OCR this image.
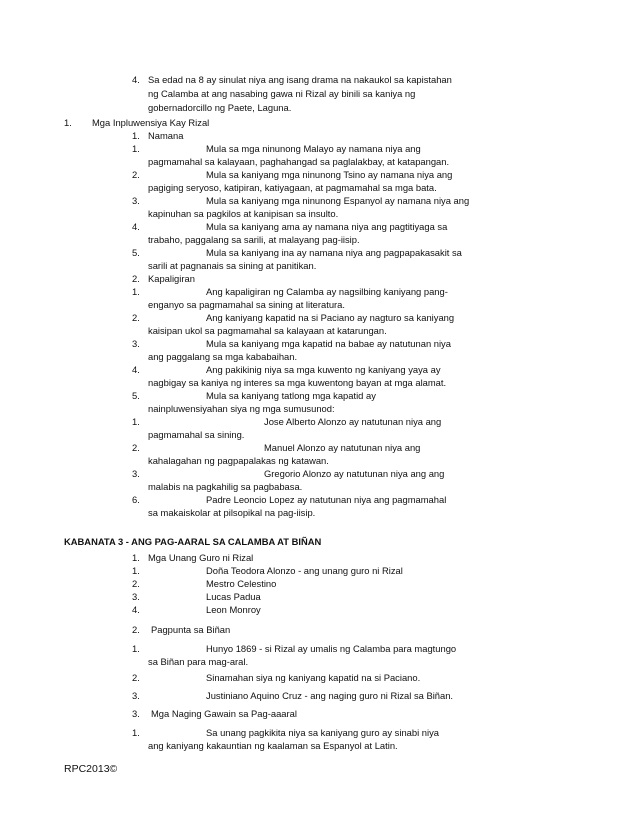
4. Sa edad na 8 ay sinulat niya ang isang drama na nakaukol sa kapistahan
ng Calamba at ang nasabing gawa ni Rizal ay binili sa kaniya ng
gobernadorcillo ng Paete, Laguna.
1. Mga Inpluwensiya Kay Rizal
1. Namana
1.	Mula sa mga ninunong Malayo ay namana niya ang
pagmamahal sa kalayaan, paghahangad sa paglalakbay, at katapangan.
2.	Mula sa kaniyang mga ninunong Tsino ay namana niya ang
pagiging seryoso, katipiran, katiyagaan, at pagmamahal sa mga bata.
3.	Mula sa kaniyang mga ninunong Espanyol ay namana niya ang
kapinuhan sa pagkilos at kanipisan sa insulto.
4.	Mula sa kaniyang ama ay namana niya ang pagtitiyaga sa
trabaho, paggalang sa sarili, at malayang pag-iisip.
5.	Mula sa kaniyang ina ay namana niya ang pagpapakasakit sa
sarili at pagnanais sa sining at panitikan.
2. Kapaligiran
1.	Ang kapaligiran ng Calamba ay nagsilbing kaniyang pang-
enganyo sa pagmamahal sa sining at literatura.
2.	Ang kaniyang kapatid na si Paciano ay nagturo sa kaniyang
kaisipan ukol sa pagmamahal sa kalayaan at katarungan.
3.	Mula sa kaniyang mga kapatid na babae ay natutunan niya
ang paggalang sa mga kababaihan.
4.	Ang pakikinig niya sa mga kuwento ng kaniyang yaya ay
nagbigay sa kaniya ng interes sa mga kuwentong bayan at mga alamat.
5.	Mula sa kaniyang tatlong mga kapatid ay
nainpluwensiyahan siya ng mga sumusunod:
1.	Jose Alberto Alonzo ay natutunan niya ang
pagmamahal sa sining.
2.	Manuel Alonzo ay natutunan niya ang
kahalagahan ng pagpapalakas ng katawan.
3.	Gregorio Alonzo ay natutunan niya ang ang
malabis na pagkahilig sa pagbabasa.
6.	Padre Leoncio Lopez ay natutunan niya ang pagmamahal
sa makaiskolar at pilsopikal na pag-iisip.
KABANATA 3 - ANG PAG-AARAL SA CALAMBA AT BIÑAN
1. Mga Unang Guro ni Rizal
1.	Doña Teodora Alonzo - ang unang guro ni Rizal
2.	Mestro Celestino
3.	Lucas Padua
4.	Leon Monroy
2. Pagpunta sa Biñan
1.	Hunyo 1869 - si Rizal ay umalis ng Calamba para magtungo
sa Biñan para mag-aral.
2.	Sinamahan siya ng kaniyang kapatid na si Paciano.
3.	Justiniano Aquino Cruz - ang naging guro ni Rizal sa Biñan.
3. Mga Naging Gawain sa Pag-aaaral
1.	Sa unang pagkikita niya sa kaniyang guro ay sinabi niya
ang kaniyang kakauntian ng kaalaman sa Espanyol at Latin.
RPC2013©
